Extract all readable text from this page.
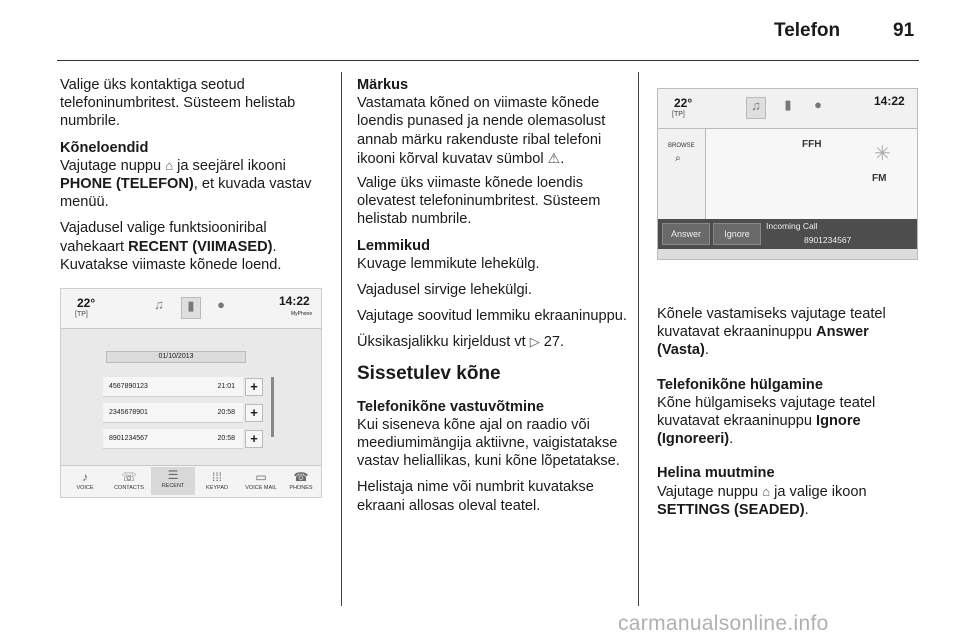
Telefon	91

Valige üks kontaktiga seotud telefoninumbritest. Süsteem helistab numbrile.

Kõneloendid

Vajutage nuppu ⌂ ja seejärel ikooni PHONE (TELEFON), et kuvada vastav menüü.

Vajadusel valige funktsiooniribal vahekaart RECENT (VIIMASED).
Kuvatakse viimaste kõnede loend.

22°
[TP]
♫	▮	●	14:22
MyPhone
01/10/2013
4567890123	21:01	+
2345678901	20:58	+
8901234567	20:58	+
♪
VOICE
☏
CONTACTS
☰
RECENT
⁞⁞⁞
KEYPAD
▭
VOICE MAIL
☎
PHONES
Märkus

Vastamata kõned on viimaste kõnede loendis punased ja nende olemasolust annab märku rakenduste ribal telefoni ikooni kõrval kuvatav sümbol ⚠.

Valige üks viimaste kõnede loendis olevatest telefoninumbritest. Süsteem helistab numbrile.

Lemmikud

Kuvage lemmikute lehekülg.

Vajadusel sirvige lehekülgi.

Vajutage soovitud lemmiku ekraaninuppu.

Üksikasjalikku kirjeldust vt ▷ 27.

Sissetulev kõne
Telefonikõne vastuvõtmine

Kui siseneva kõne ajal on raadio või meediumimängija aktiivne, vaigistatakse vastav heliallikas, kuni kõne lõpetatakse.

Helistaja nime või numbrit kuvatakse ekraani allosas oleval teatel.

22°
[TP]
♫	▮	●	14:22
BROWSE
⌕
FFH	✳
FM
Answer	Ignore
Incoming Call
8901234567

Kõnele vastamiseks vajutage teatel kuvatavat ekraaninuppu Answer (Vasta).

Telefonikõne hülgamine

Kõne hülgamiseks vajutage teatel kuvatavat ekraaninuppu Ignore (Ignoreeri).

Helina muutmine

Vajutage nuppu ⌂ ja valige ikoon SETTINGS (SEADED).

carmanualsonline.info
